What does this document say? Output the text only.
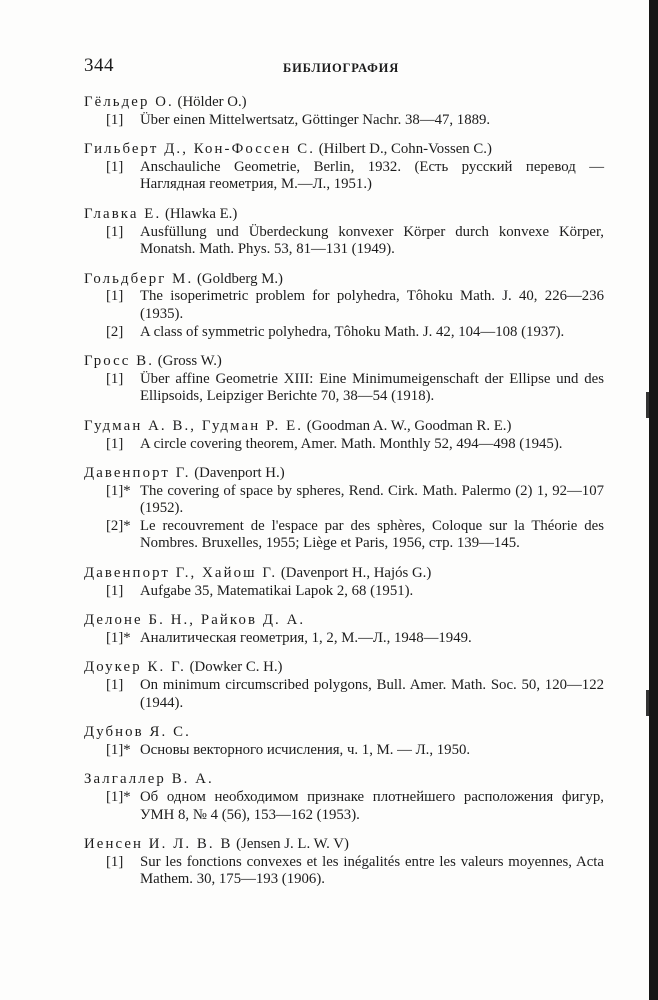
344	БИБЛИОГРАФИЯ
Гёльдер О. (Hölder O.)
[1]	Über einen Mittelwertsatz, Göttinger Nachr. 38—47, 1889.
Гильберт Д., Кон-Фоссен С. (Hilbert D., Cohn-Vossen C.)
[1]	Anschauliche Geometrie, Berlin, 1932. (Есть русский перевод — Наглядная геометрия, М.—Л., 1951.)
Главка Е. (Hlawka E.)
[1]	Ausfüllung und Überdeckung konvexer Körper durch konvexe Körper, Monatsh. Math. Phys. 53, 81—131 (1949).
Гольдберг М. (Goldberg M.)
[1]	The isoperimetric problem for polyhedra, Tôhoku Math. J. 40, 226—236 (1935).
[2]	A class of symmetric polyhedra, Tôhoku Math. J. 42, 104—108 (1937).
Гросс В. (Gross W.)
[1]	Über affine Geometrie XIII: Eine Minimumeigenschaft der Ellipse und des Ellipsoids, Leipziger Berichte 70, 38—54 (1918).
Гудман А. В., Гудман Р. Е. (Goodman A. W., Goodman R. E.)
[1]	A circle covering theorem, Amer. Math. Monthly 52, 494—498 (1945).
Давенпорт Г. (Davenport H.)
[1]* The covering of space by spheres, Rend. Cirk. Math. Palermo (2) 1, 92—107 (1952).
[2]* Le recouvrement de l'espace par des sphères, Coloque sur la Théorie des Nombres. Bruxelles, 1955; Liège et Paris, 1956, стр. 139—145.
Давенпорт Г., Хайош Г. (Davenport H., Hajós G.)
[1]	Aufgabe 35, Matematikai Lapok 2, 68 (1951).
Делоне Б. Н., Райков Д. А.
[1]* Аналитическая геометрия, 1, 2, М.—Л., 1948—1949.
Доукер К. Г. (Dowker C. H.)
[1]	On minimum circumscribed polygons, Bull. Amer. Math. Soc. 50, 120—122 (1944).
Дубнов Я. С.
[1]* Основы векторного исчисления, ч. 1, М. — Л., 1950.
Залгаллер В. А.
[1]* Об одном необходимом признаке плотнейшего расположения фигур, УМН 8, № 4 (56), 153—162 (1953).
Иенсен И. Л. В. В (Jensen J. L. W. V)
[1]	Sur les fonctions convexes et les inégalités entre les valeurs moyennes, Acta Mathem. 30, 175—193 (1906).
